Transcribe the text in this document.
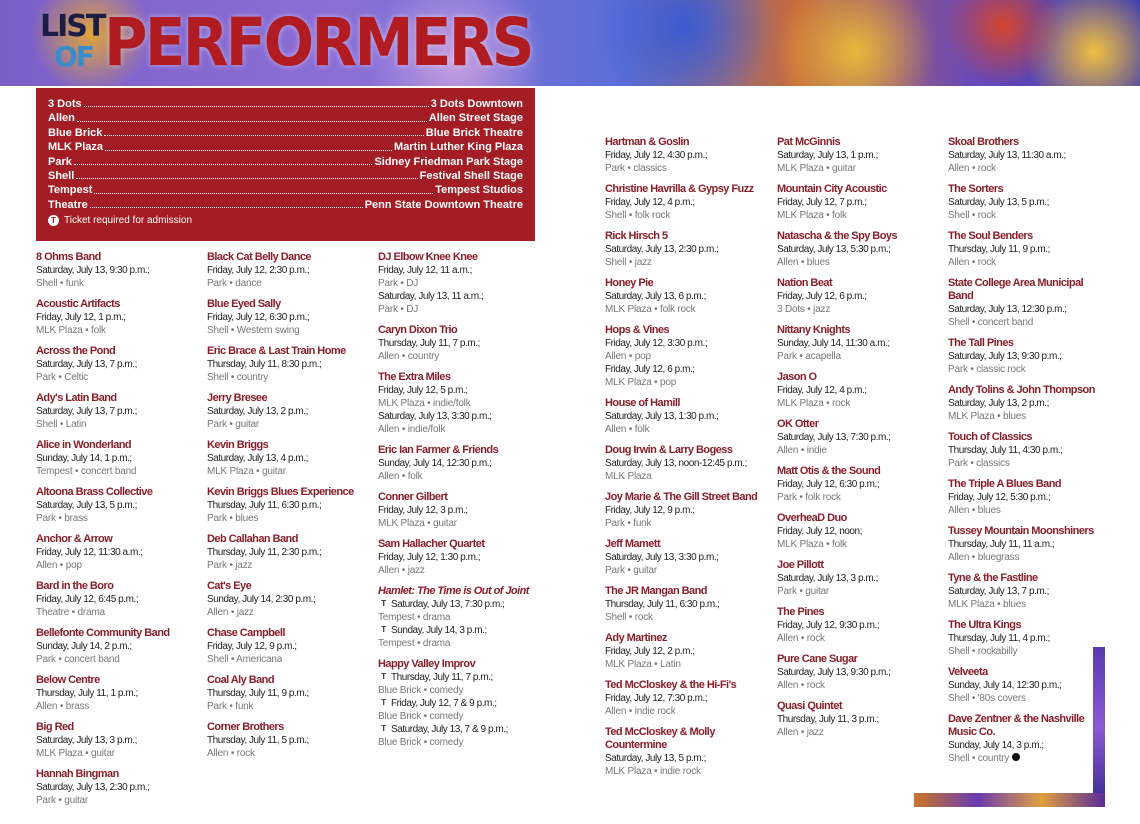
LIST
OF PERFORMERS
3 Dots	3 Dots Downtown
Allen	Allen Street Stage
Blue Brick	Blue Brick Theatre
MLK Plaza	Martin Luther King Plaza
Park	Sidney Friedman Park Stage
Shell	Festival Shell Stage
Tempest	Tempest Studios
Theatre	Penn State Downtown Theatre
T Ticket required for admission
8 Ohms Band
Saturday, July 13, 9:30 p.m.;
Shell • funk
Acoustic Artifacts
Friday, July 12, 1 p.m.;
MLK Plaza • folk
Across the Pond
Saturday, July 13, 7 p.m.;
Park • Celtic
Ady's Latin Band
Saturday, July 13, 7 p.m.;
Shell • Latin
Alice in Wonderland
Sunday, July 14, 1 p.m.;
Tempest • concert band
Altoona Brass Collective
Saturday, July 13, 5 p.m.;
Park • brass
Anchor & Arrow
Friday, July 12, 11:30 a.m.;
Allen • pop
Bard in the Boro
Friday, July 12, 6:45 p.m.;
Theatre • drama
Bellefonte Community Band
Sunday, July 14, 2 p.m.;
Park • concert band
Below Centre
Thursday, July 11, 1 p.m.;
Allen • brass
Big Red
Saturday, July 13, 3 p.m.;
MLK Plaza • guitar
Hannah Bingman
Saturday, July 13, 2:30 p.m.;
Park • guitar
Black Cat Belly Dance
Friday, July 12, 2:30 p.m.;
Park • dance
Blue Eyed Sally
Friday, July 12, 6:30 p.m.;
Shell • Western swing
Eric Brace & Last Train Home
Thursday, July 11, 8:30 p.m.;
Shell • country
Jerry Bresee
Saturday, July 13, 2 p.m.;
Park • guitar
Kevin Briggs
Saturday, July 13, 4 p.m.;
MLK Plaza • guitar
Kevin Briggs Blues Experience
Thursday, July 11, 6:30 p.m.;
Park • blues
Deb Callahan Band
Thursday, July 11, 2:30 p.m.;
Park • jazz
Cat's Eye
Sunday, July 14, 2:30 p.m.;
Allen • jazz
Chase Campbell
Friday, July 12, 9 p.m.;
Shell • Americana
Coal Aly Band
Thursday, July 11, 9 p.m.;
Park • funk
Corner Brothers
Thursday, July 11, 5 p.m.;
Allen • rock
DJ Elbow Knee Knee
Friday, July 12, 11 a.m.;
Park • DJ
Saturday, July 13, 11 a.m.;
Park • DJ
Caryn Dixon Trio
Thursday, July 11, 7 p.m.;
Allen • country
The Extra Miles
Friday, July 12, 5 p.m.;
MLK Plaza • indie/folk
Saturday, July 13, 3:30 p.m.;
Allen • indie/folk
Eric Ian Farmer & Friends
Sunday, July 14, 12:30 p.m.;
Allen • folk
Conner Gilbert
Friday, July 12, 3 p.m.;
MLK Plaza • guitar
Sam Hallacher Quartet
Friday, July 12, 1:30 p.m.;
Allen • jazz
Hamlet: The Time is Out of Joint
T Saturday, July 13, 7:30 p.m.;
Tempest • drama
T Sunday, July 14, 3 p.m.;
Tempest • drama
Happy Valley Improv
T Thursday, July 11, 7 p.m.;
Blue Brick • comedy
T Friday, July 12, 7 & 9 p.m.;
Blue Brick • comedy
T Saturday, July 13, 7 & 9 p.m.;
Blue Brick • comedy
Hartman & Goslin
Friday, July 12, 4:30 p.m.;
Park • classics
Christine Havrilla & Gypsy Fuzz
Friday, July 12, 4 p.m.;
Shell • folk rock
Rick Hirsch 5
Saturday, July 13, 2:30 p.m.;
Shell • jazz
Honey Pie
Saturday, July 13, 6 p.m.;
MLK Plaza • folk rock
Hops & Vines
Friday, July 12, 3:30 p.m.;
Allen • pop
Friday, July 12, 6 p.m.;
MLK Plaza • pop
House of Hamill
Saturday, July 13, 1:30 p.m.;
Allen • folk
Doug Irwin & Larry Bogess
Saturday, July 13, noon-12:45 p.m.;
MLK Plaza
Joy Marie & The Gill Street Band
Friday, July 12, 9 p.m.;
Park • funk
Jeff Mamett
Saturday, July 13, 3:30 p.m.;
Park • guitar
The JR Mangan Band
Thursday, July 11, 6:30 p.m.;
Shell • rock
Ady Martinez
Friday, July 12, 2 p.m.;
MLK Plaza • Latin
Ted McCloskey & the Hi-Fi's
Friday, July 12, 7:30 p.m.;
Allen • indie rock
Ted McCloskey & Molly Countermine
Saturday, July 13, 5 p.m.;
MLK Plaza • indie rock
Pat McGinnis
Saturday, July 13, 1 p.m.;
MLK Plaza • guitar
Mountain City Acoustic
Friday, July 12, 7 p.m.;
MLK Plaza • folk
Natascha & the Spy Boys
Saturday, July 13, 5:30 p.m.;
Allen • blues
Nation Beat
Friday, July 12, 6 p.m.;
3 Dots • jazz
Nittany Knights
Sunday, July 14, 11:30 a.m.;
Park • acapella
Jason O
Friday, July 12, 4 p.m.;
MLK Plaza • rock
OK Otter
Saturday, July 13, 7:30 p.m.;
Allen • indie
Matt Otis & the Sound
Friday, July 12, 6:30 p.m.;
Park • folk rock
OverheaD Duo
Friday, July 12, noon;
MLK Plaza • folk
Joe Pillott
Saturday, July 13, 3 p.m.;
Park • guitar
The Pines
Friday, July 12, 9:30 p.m.;
Allen • rock
Pure Cane Sugar
Saturday, July 13, 9:30 p.m.;
Allen • rock
Quasi Quintet
Thursday, July 11, 3 p.m.;
Allen • jazz
Skoal Brothers
Saturday, July 13, 11:30 a.m.;
Allen • rock
The Sorters
Saturday, July 13, 5 p.m.;
Shell • rock
The Soul Benders
Thursday, July 11, 9 p.m.;
Allen • rock
State College Area Municipal Band
Saturday, July 13, 12:30 p.m.;
Shell • concert band
The Tall Pines
Saturday, July 13, 9:30 p.m.;
Park • classic rock
Andy Tolins & John Thompson
Saturday, July 13, 2 p.m.;
MLK Plaza • blues
Touch of Classics
Thursday, July 11, 4:30 p.m.;
Park • classics
The Triple A Blues Band
Friday, July 12, 5:30 p.m.;
Allen • blues
Tussey Mountain Moonshiners
Thursday, July 11, 11 a.m.;
Allen • bluegrass
Tyne & the Fastline
Saturday, July 13, 7 p.m.;
MLK Plaza • blues
The Ultra Kings
Thursday, July 11, 4 p.m.;
Shell • rockabilly
Velveeta
Sunday, July 14, 12:30 p.m.;
Shell • '80s covers
Dave Zentner & the Nashville Music Co.
Sunday, July 14, 3 p.m.;
Shell • country
